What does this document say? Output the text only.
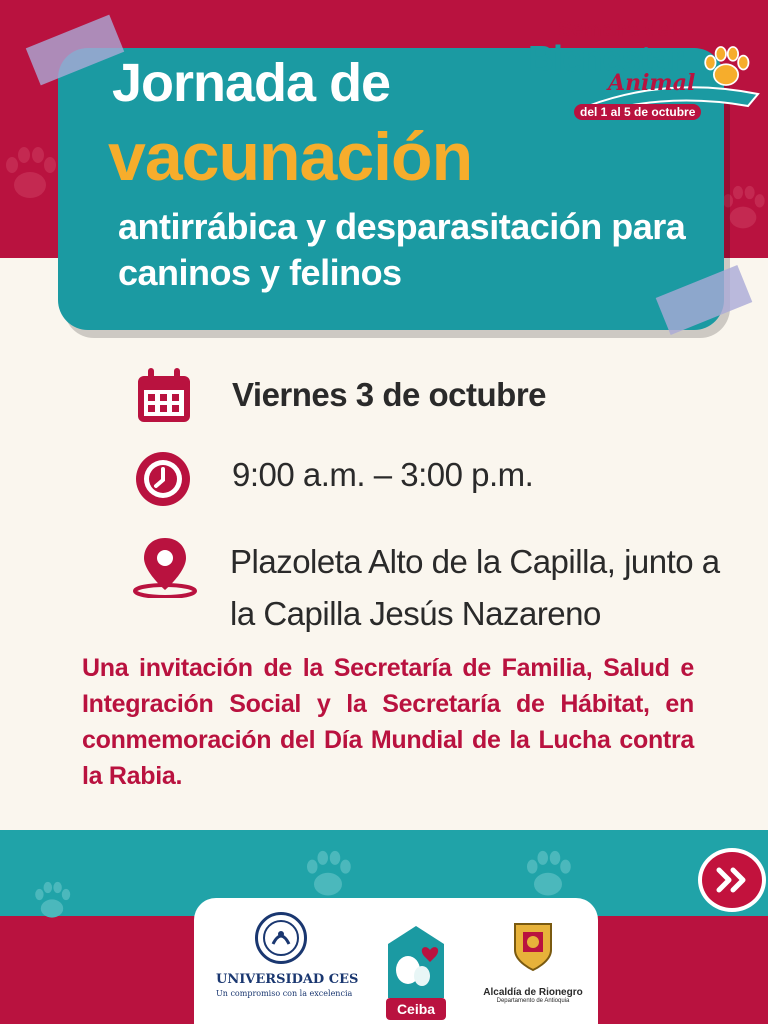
Jornada de
vacunación
antirrábica y desparasitación para caninos y felinos
Semana del
Bienestar
Animal
del 1 al 5 de octubre
Viernes 3 de octubre
9:00 a.m. – 3:00 p.m.
Plazoleta Alto de la Capilla, junto a la Capilla Jesús Nazareno
Una invitación de la Secretaría de Familia, Salud e Integración Social y la Secretaría de Hábitat, en conmemoración del Día Mundial de la Lucha contra la Rabia.
UNIVERSIDAD CES
Un compromiso con la excelencia
Ceiba
Alcaldía de Rionegro
Departamento de Antioquia
